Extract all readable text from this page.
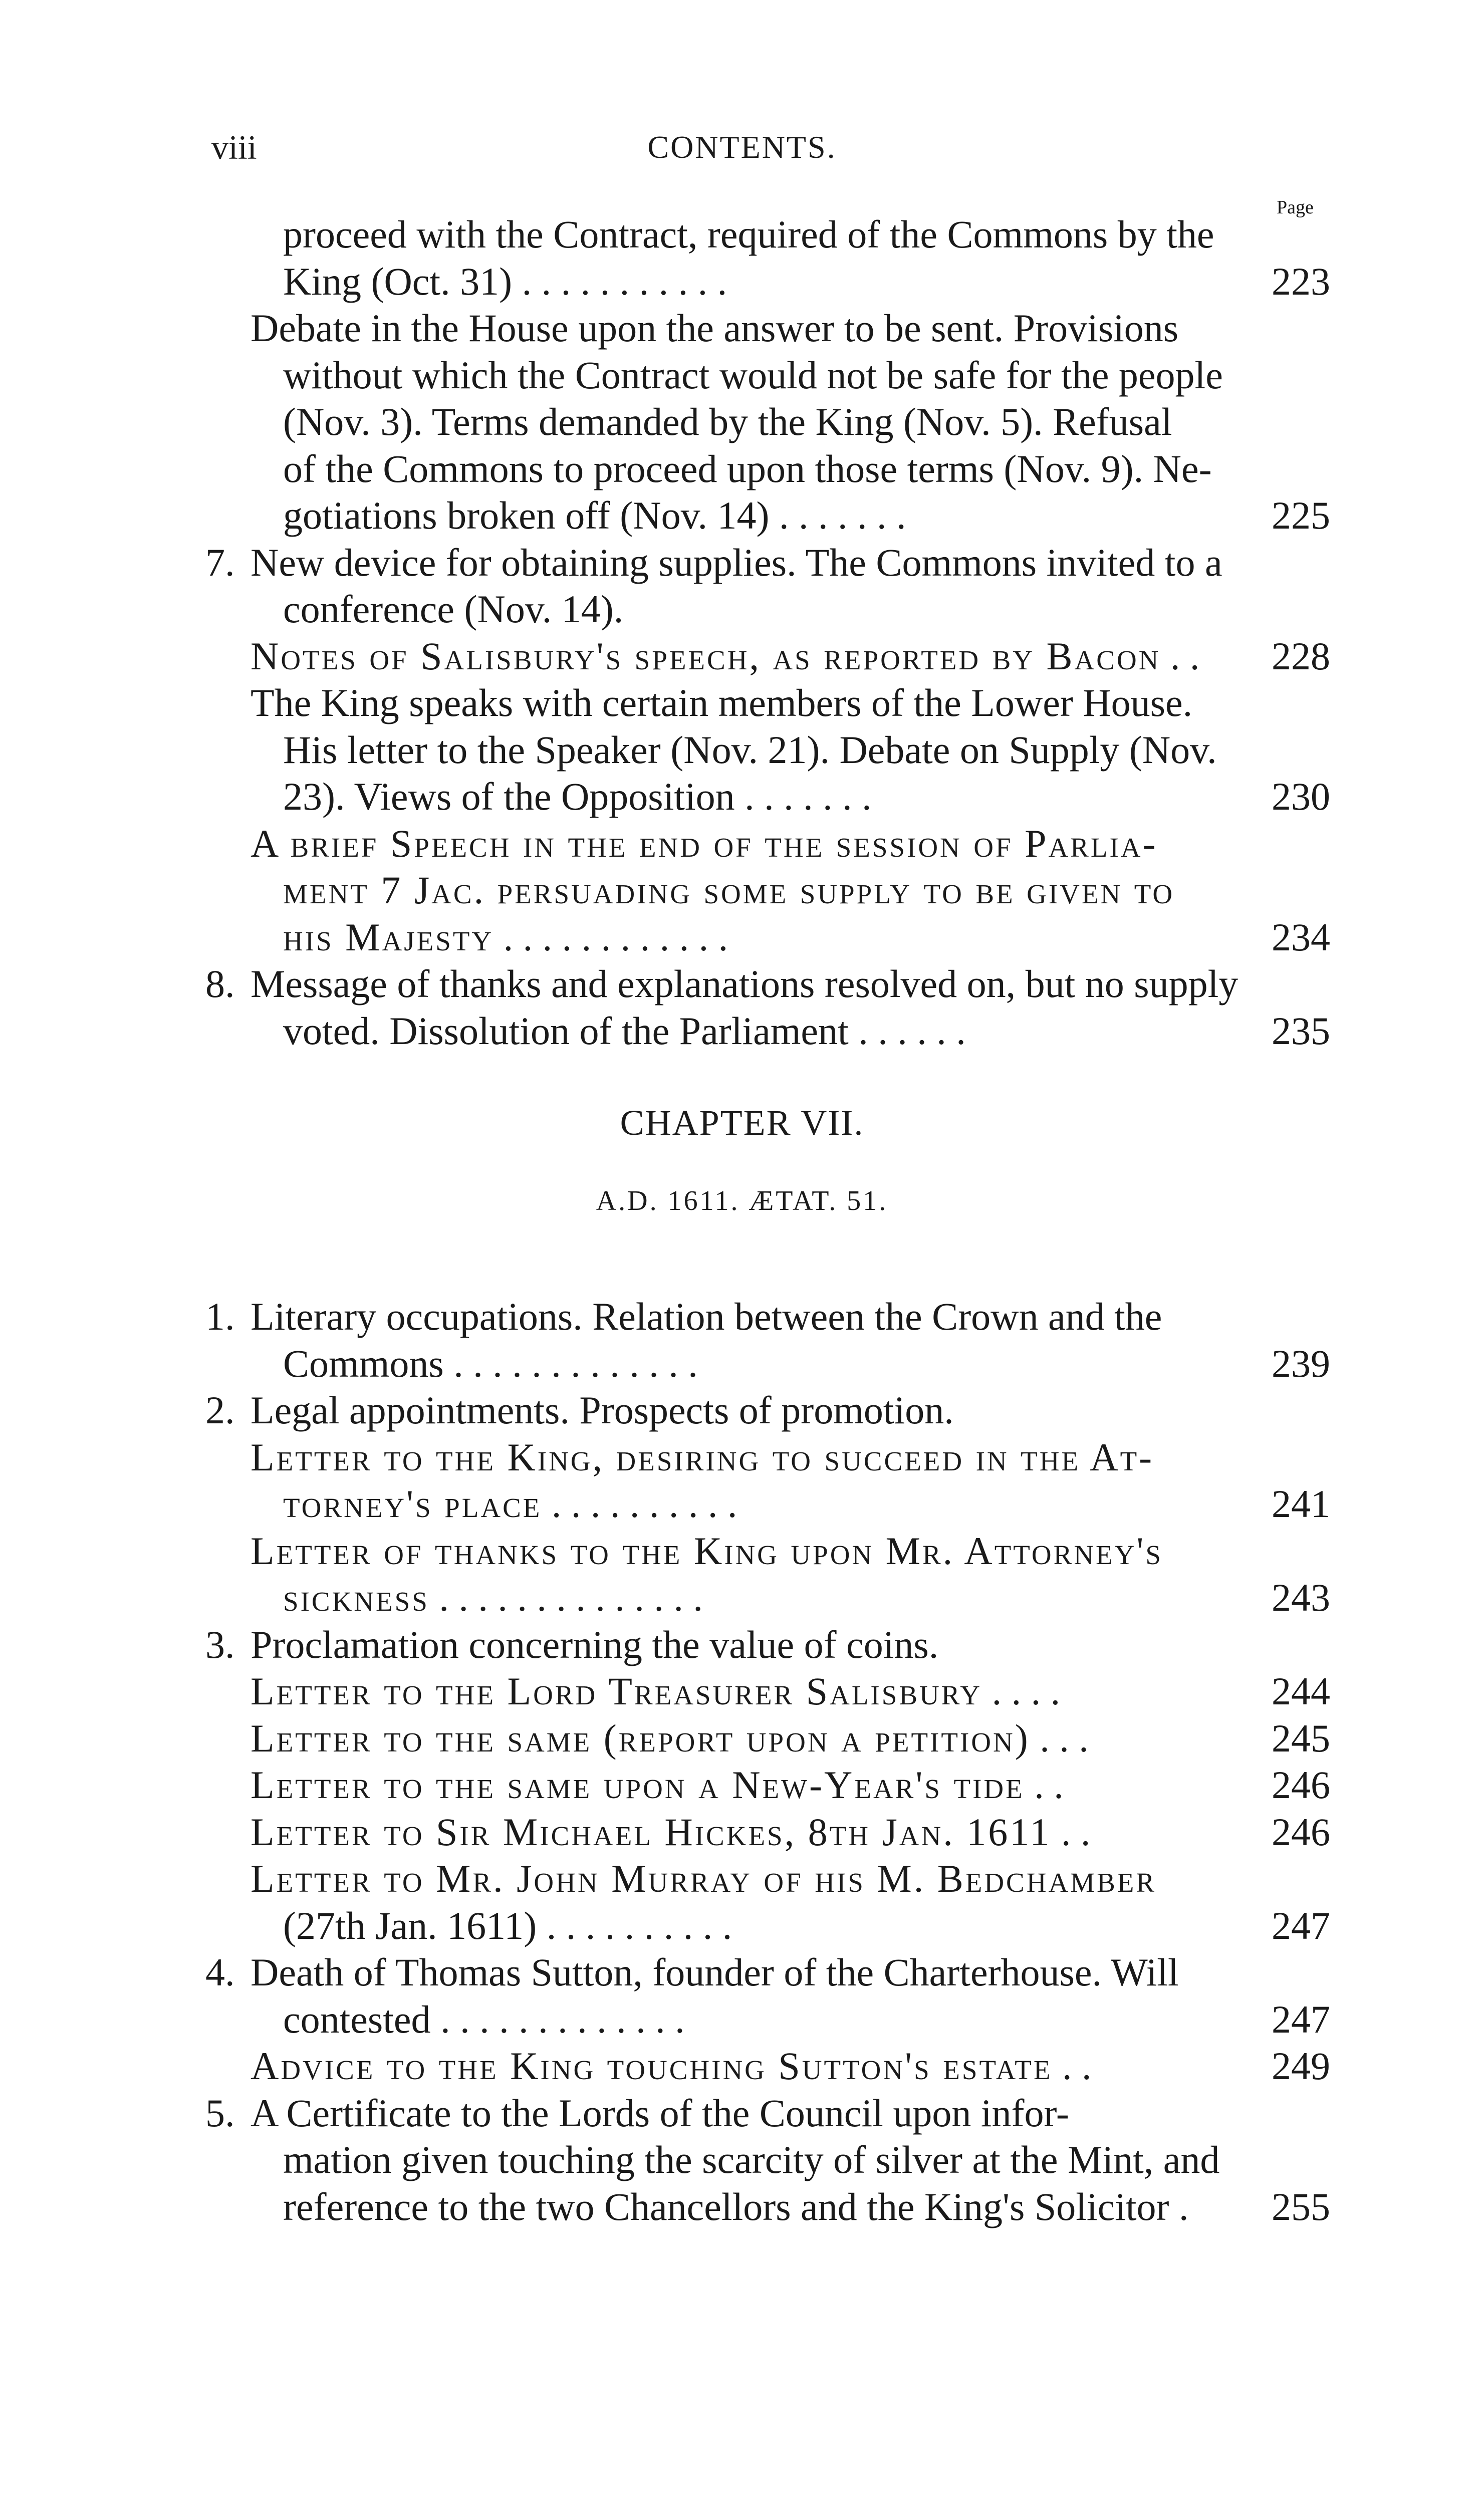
viii	CONTENTS.
Page
proceed with the Contract, required of the Commons by the
King (Oct. 31) . . . . . . . . . . .	223
Debate in the House upon the answer to be sent. Provisions
without which the Contract would not be safe for the people
(Nov. 3). Terms demanded by the King (Nov. 5). Refusal
of the Commons to proceed upon those terms (Nov. 9). Ne-
gotiations broken off (Nov. 14) . . . . . . .	225
7. New device for obtaining supplies. The Commons invited to a
conference (Nov. 14).
Notes of Salisbury's speech, as reported by Bacon . . 228
The King speaks with certain members of the Lower House.
His letter to the Speaker (Nov. 21). Debate on Supply (Nov.
23). Views of the Opposition . . . . . . .	230
A brief Speech in the end of the session of Parlia-
ment 7 Jac. persuading some supply to be given to
his Majesty . . . . . . . . . . . .	234
8. Message of thanks and explanations resolved on, but no supply
voted. Dissolution of the Parliament . . . . . .	235
CHAPTER VII.
A.D. 1611. ÆTAT. 51.
1. Literary occupations. Relation between the Crown and the
Commons . . . . . . . . . . . . .	239
2. Legal appointments. Prospects of promotion.
Letter to the King, desiring to succeed in the At-
torney's place . . . . . . . . . .	241
Letter of thanks to the King upon Mr. Attorney's
sickness . . . . . . . . . . . . . .	243
3. Proclamation concerning the value of coins.
Letter to the Lord Treasurer Salisbury . . . .	244
Letter to the same (report upon a petition) . . .	245
Letter to the same upon a New-Year's tide . .	246
Letter to Sir Michael Hickes, 8th Jan. 1611 . .	246
Letter to Mr. John Murray of his M. Bedchamber
(27th Jan. 1611) . . . . . . . . . .	247
4. Death of Thomas Sutton, founder of the Charterhouse. Will
contested . . . . . . . . . . . . .	247
Advice to the King touching Sutton's estate . .	249
5. A Certificate to the Lords of the Council upon infor-
mation given touching the scarcity of silver at the Mint, and
reference to the two Chancellors and the King's Solicitor . 255
